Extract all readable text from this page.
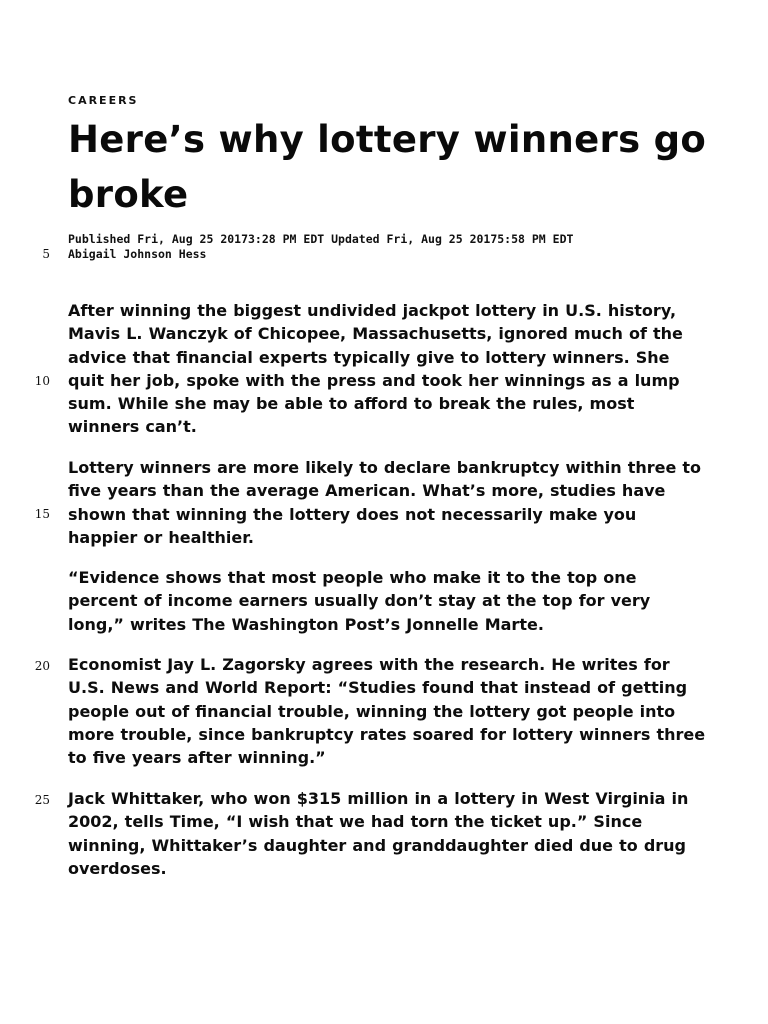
CAREERS
Here’s why lottery winners go broke
Published Fri, Aug 25 20173:28 PM EDT Updated Fri, Aug 25 20175:58 PM EDT
Abigail Johnson Hess
5
10
15
20
25

After winning the biggest undivided jackpot lottery in U.S. history, Mavis L. Wanczyk of Chicopee, Massachusetts, ignored much of the advice that financial experts typically give to lottery winners. She quit her job, spoke with the press and took her winnings as a lump sum. While she may be able to afford to break the rules, most winners can’t.

Lottery winners are more likely to declare bankruptcy within three to five years than the average American. What’s more, studies have shown that winning the lottery does not necessarily make you happier or healthier.

“Evidence shows that most people who make it to the top one percent of income earners usually don’t stay at the top for very long,” writes The Washington Post’s Jonnelle Marte.

Economist Jay L. Zagorsky agrees with the research. He writes for U.S. News and World Report: “Studies found that instead of getting people out of financial trouble, winning the lottery got people into more trouble, since bankruptcy rates soared for lottery winners three to five years after winning.”

Jack Whittaker, who won $315 million in a lottery in West Virginia in 2002, tells Time, “I wish that we had torn the ticket up.” Since winning, Whittaker’s daughter and granddaughter died due to drug overdoses.
